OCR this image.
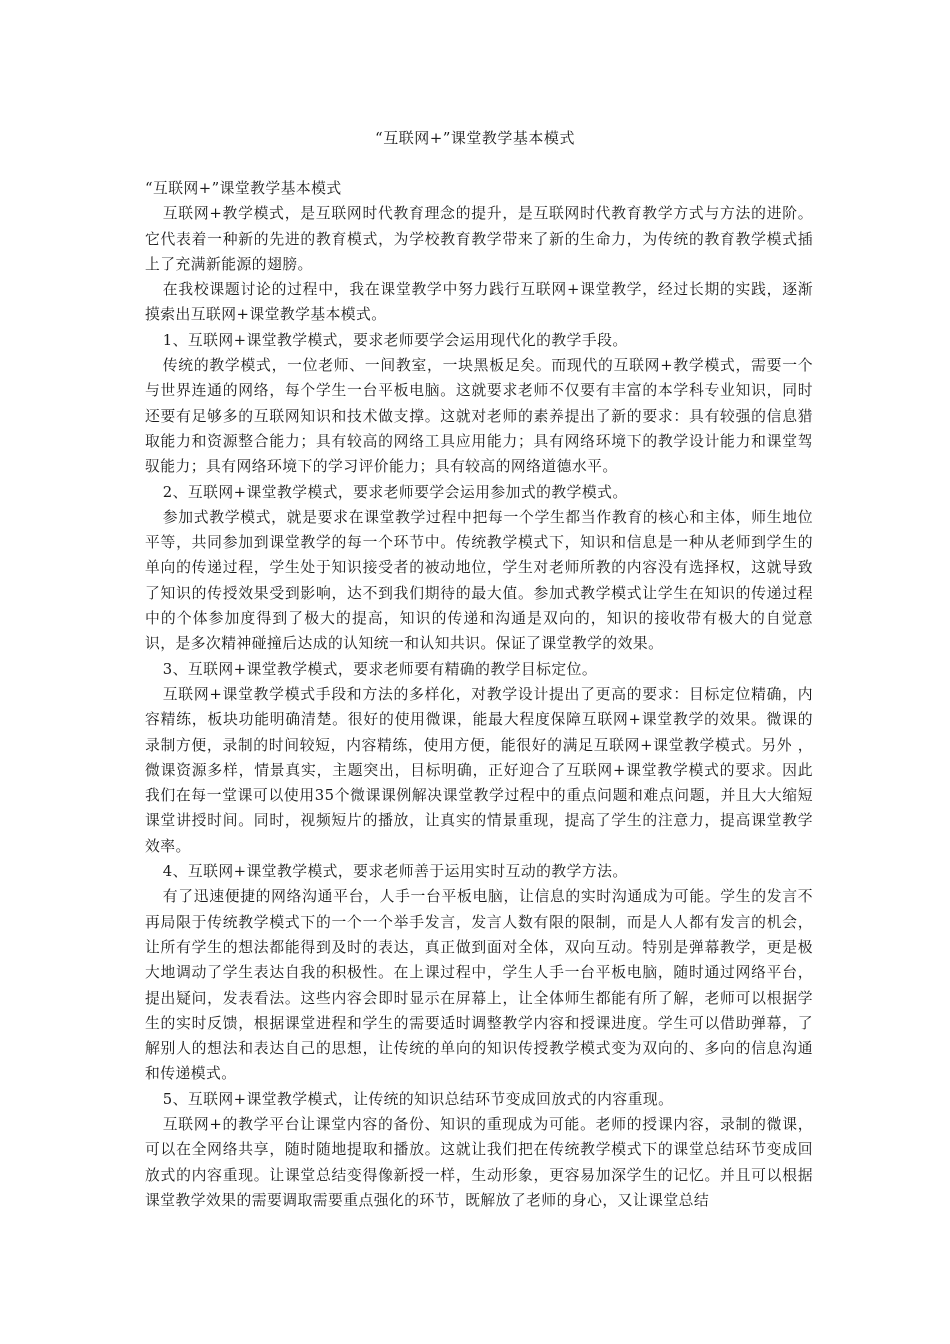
“互联网+”课堂教学基本模式

“互联网+”课堂教学基本模式

互联网+教学模式，是互联网时代教育理念的提升，是互联网时代教育教学方式与方法的进阶。它代表着一种新的先进的教育模式，为学校教育教学带来了新的生命力，为传统的教育教学模式插上了充满新能源的翅膀。

在我校课题讨论的过程中，我在课堂教学中努力践行互联网+课堂教学，经过长期的实践，逐渐摸索出互联网+课堂教学基本模式。

1、互联网+课堂教学模式，要求老师要学会运用现代化的教学手段。

传统的教学模式，一位老师、一间教室，一块黑板足矣。而现代的互联网+教学模式，需要一个与世界连通的网络，每个学生一台平板电脑。这就要求老师不仅要有丰富的本学科专业知识，同时还要有足够多的互联网知识和技术做支撑。这就对老师的素养提出了新的要求：具有较强的信息猎取能力和资源整合能力；具有较高的网络工具应用能力；具有网络环境下的教学设计能力和课堂驾驭能力；具有网络环境下的学习评价能力；具有较高的网络道德水平。

2、互联网+课堂教学模式，要求老师要学会运用参加式的教学模式。

参加式教学模式，就是要求在课堂教学过程中把每一个学生都当作教育的核心和主体，师生地位平等，共同参加到课堂教学的每一个环节中。传统教学模式下，知识和信息是一种从老师到学生的单向的传递过程，学生处于知识接受者的被动地位，学生对老师所教的内容没有选择权，这就导致了知识的传授效果受到影响，达不到我们期待的最大值。参加式教学模式让学生在知识的传递过程中的个体参加度得到了极大的提高，知识的传递和沟通是双向的，知识的接收带有极大的自觉意识，是多次精神碰撞后达成的认知统一和认知共识。保证了课堂教学的效果。

3、互联网+课堂教学模式，要求老师要有精确的教学目标定位。

互联网+课堂教学模式手段和方法的多样化，对教学设计提出了更高的要求：目标定位精确，内容精练，板块功能明确清楚。很好的使用微课，能最大程度保障互联网+课堂教学的效果。微课的录制方便，录制的时间较短，内容精练，使用方便，能很好的满足互联网+课堂教学模式。另外 ，微课资源多样，情景真实，主题突出，目标明确，正好迎合了互联网+课堂教学模式的要求。因此我们在每一堂课可以使用35个微课课例解决课堂教学过程中的重点问题和难点问题，并且大大缩短课堂讲授时间。同时，视频短片的播放，让真实的情景重现，提高了学生的注意力，提高课堂教学效率。

4、互联网+课堂教学模式，要求老师善于运用实时互动的教学方法。

有了迅速便捷的网络沟通平台，人手一台平板电脑，让信息的实时沟通成为可能。学生的发言不再局限于传统教学模式下的一个一个举手发言，发言人数有限的限制，而是人人都有发言的机会，让所有学生的想法都能得到及时的表达，真正做到面对全体，双向互动。特别是弹幕教学，更是极大地调动了学生表达自我的积极性。在上课过程中，学生人手一台平板电脑，随时通过网络平台，提出疑问，发表看法。这些内容会即时显示在屏幕上，让全体师生都能有所了解，老师可以根据学生的实时反馈，根据课堂进程和学生的需要适时调整教学内容和授课进度。学生可以借助弹幕，了解别人的想法和表达自己的思想，让传统的单向的知识传授教学模式变为双向的、多向的信息沟通和传递模式。

5、互联网+课堂教学模式，让传统的知识总结环节变成回放式的内容重现。

互联网+的教学平台让课堂内容的备份、知识的重现成为可能。老师的授课内容，录制的微课，可以在全网络共享，随时随地提取和播放。这就让我们把在传统教学模式下的课堂总结环节变成回放式的内容重现。让课堂总结变得像新授一样，生动形象，更容易加深学生的记忆。并且可以根据课堂教学效果的需要调取需要重点强化的环节，既解放了老师的身心，又让课堂总结
